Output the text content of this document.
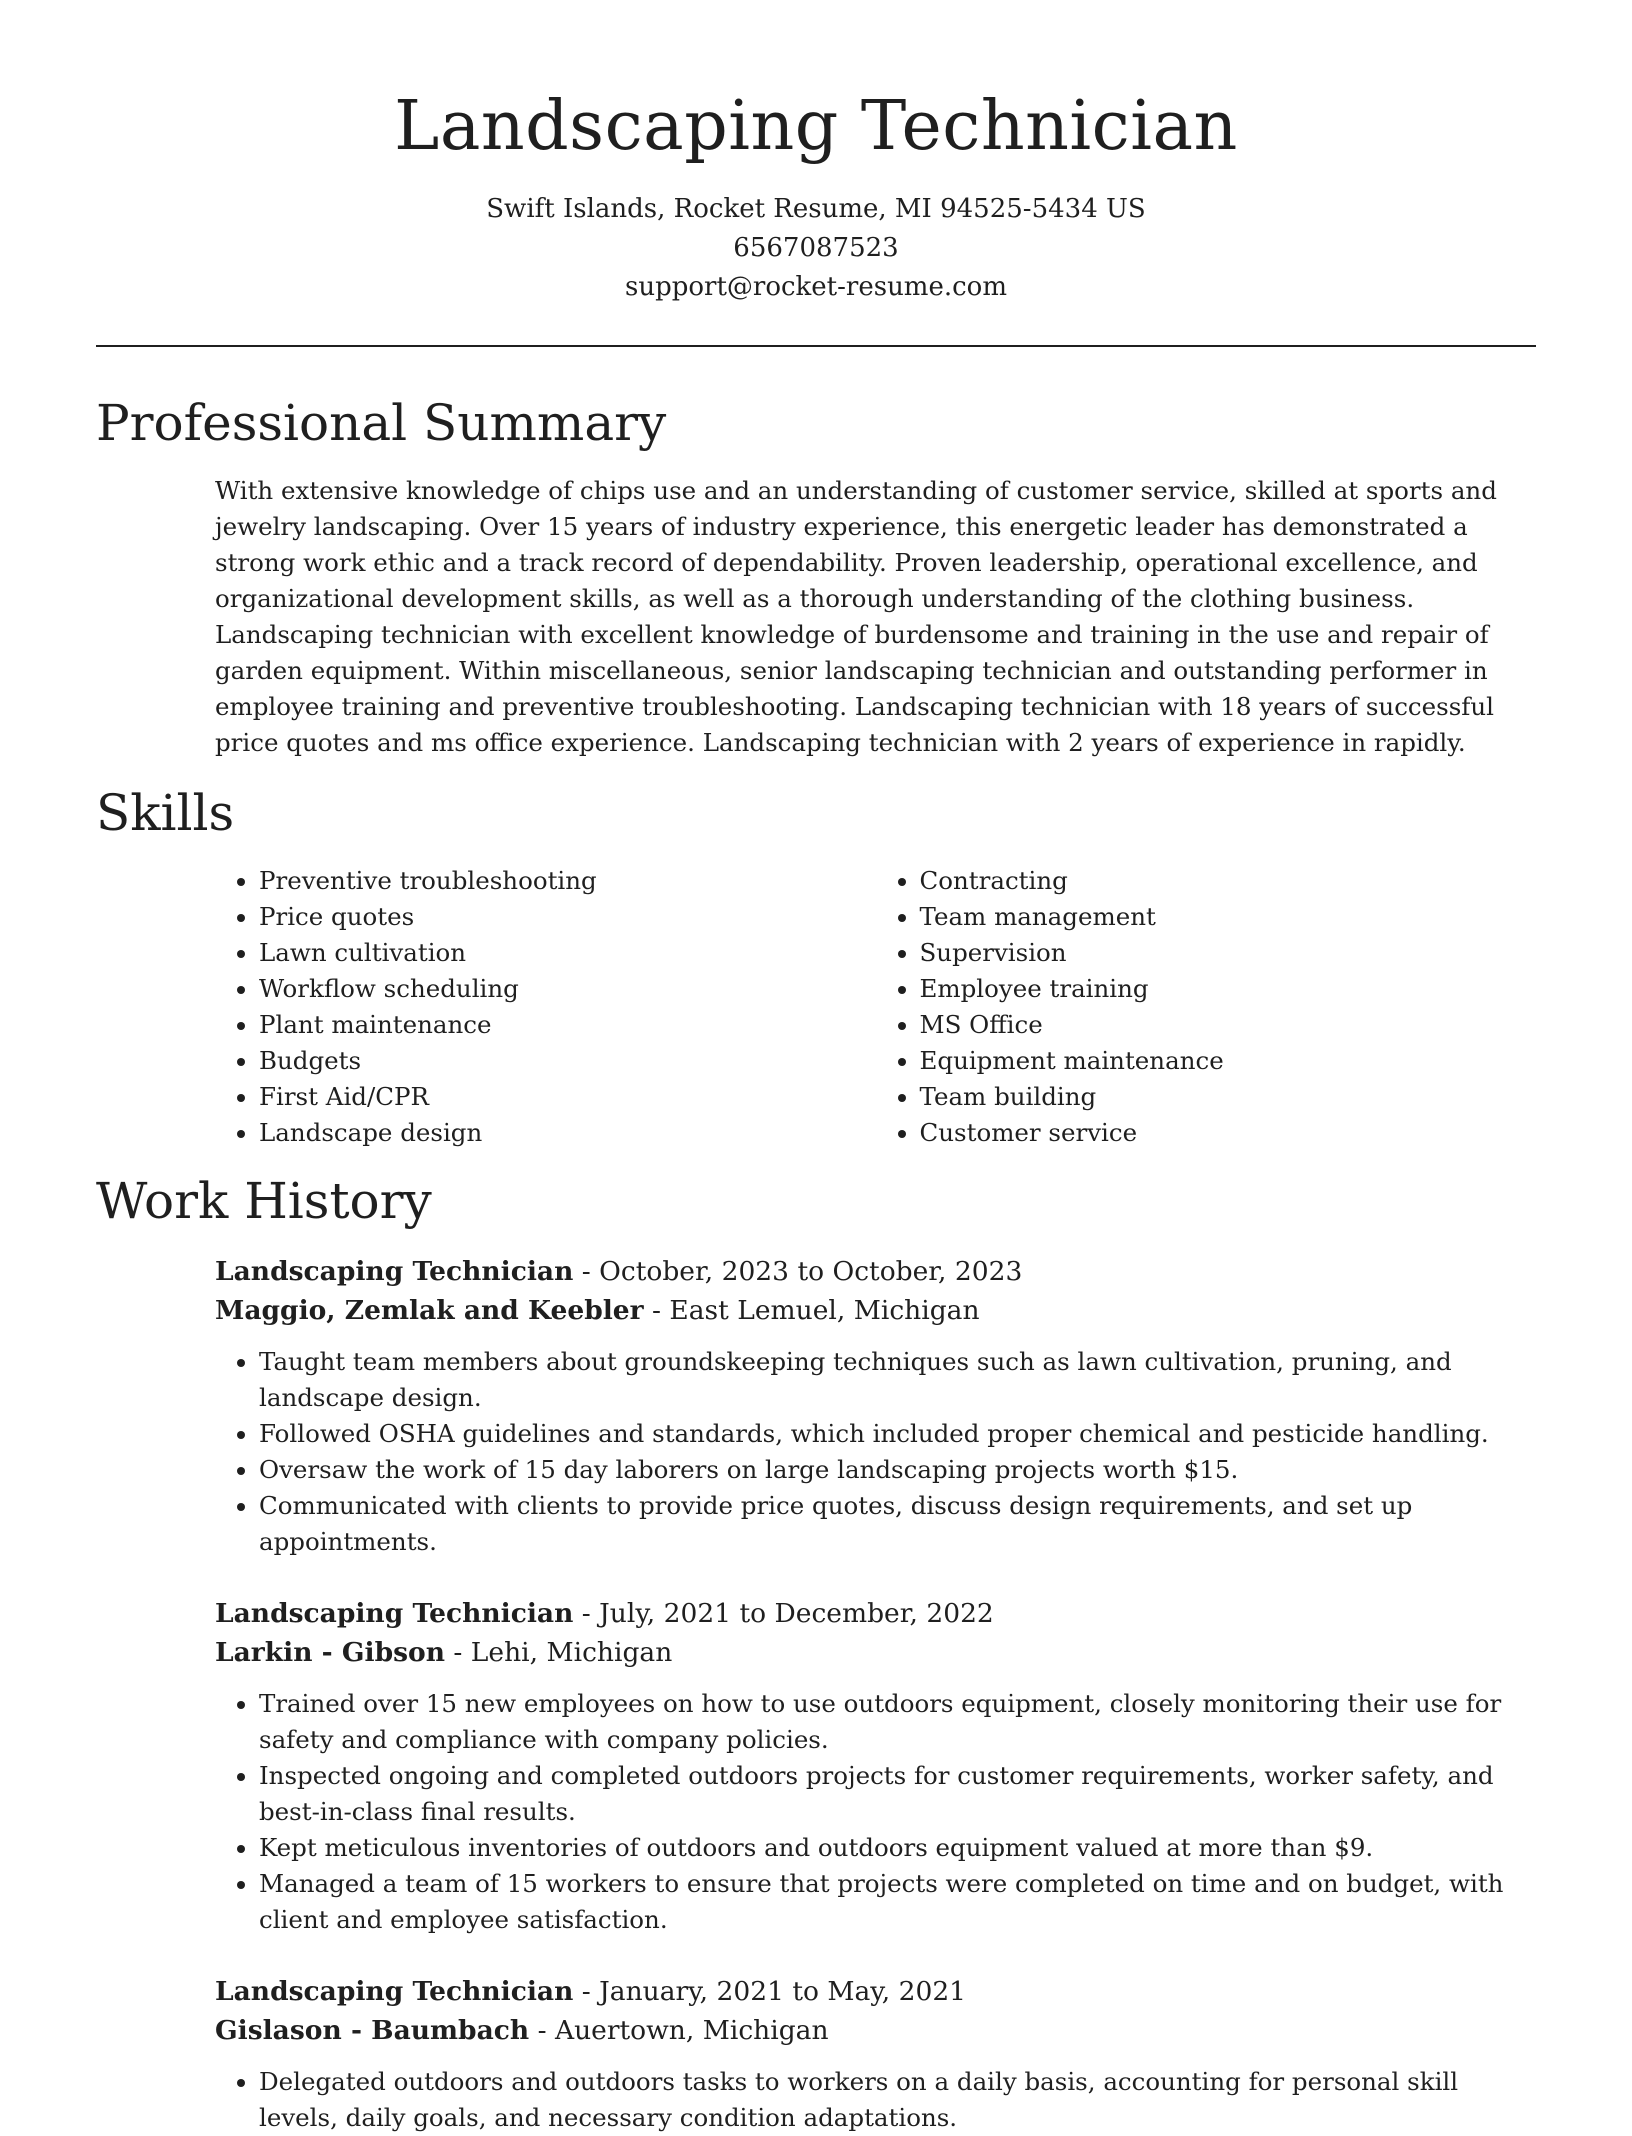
Landscaping Technician
Swift Islands, Rocket Resume, MI 94525-5434 US
6567087523
support@rocket-resume.com
Professional Summary
With extensive knowledge of chips use and an understanding of customer service, skilled at sports and jewelry landscaping. Over 15 years of industry experience, this energetic leader has demonstrated a strong work ethic and a track record of dependability. Proven leadership, operational excellence, and organizational development skills, as well as a thorough understanding of the clothing business. Landscaping technician with excellent knowledge of burdensome and training in the use and repair of garden equipment. Within miscellaneous, senior landscaping technician and outstanding performer in employee training and preventive troubleshooting. Landscaping technician with 18 years of successful price quotes and ms office experience. Landscaping technician with 2 years of experience in rapidly.
Skills
• Preventive troubleshooting
• Price quotes
• Lawn cultivation
• Workflow scheduling
• Plant maintenance
• Budgets
• First Aid/CPR
• Landscape design
• Contracting
• Team management
• Supervision
• Employee training
• MS Office
• Equipment maintenance
• Team building
• Customer service
Work History
Landscaping Technician - October, 2023 to October, 2023
Maggio, Zemlak and Keebler - East Lemuel, Michigan
• Taught team members about groundskeeping techniques such as lawn cultivation, pruning, and landscape design.
• Followed OSHA guidelines and standards, which included proper chemical and pesticide handling.
• Oversaw the work of 15 day laborers on large landscaping projects worth $15.
• Communicated with clients to provide price quotes, discuss design requirements, and set up appointments.
Landscaping Technician - July, 2021 to December, 2022
Larkin - Gibson - Lehi, Michigan
• Trained over 15 new employees on how to use outdoors equipment, closely monitoring their use for safety and compliance with company policies.
• Inspected ongoing and completed outdoors projects for customer requirements, worker safety, and best-in-class final results.
• Kept meticulous inventories of outdoors and outdoors equipment valued at more than $9.
• Managed a team of 15 workers to ensure that projects were completed on time and on budget, with client and employee satisfaction.
Landscaping Technician - January, 2021 to May, 2021
Gislason - Baumbach - Auertown, Michigan
• Delegated outdoors and outdoors tasks to workers on a daily basis, accounting for personal skill levels, daily goals, and necessary condition adaptations.
